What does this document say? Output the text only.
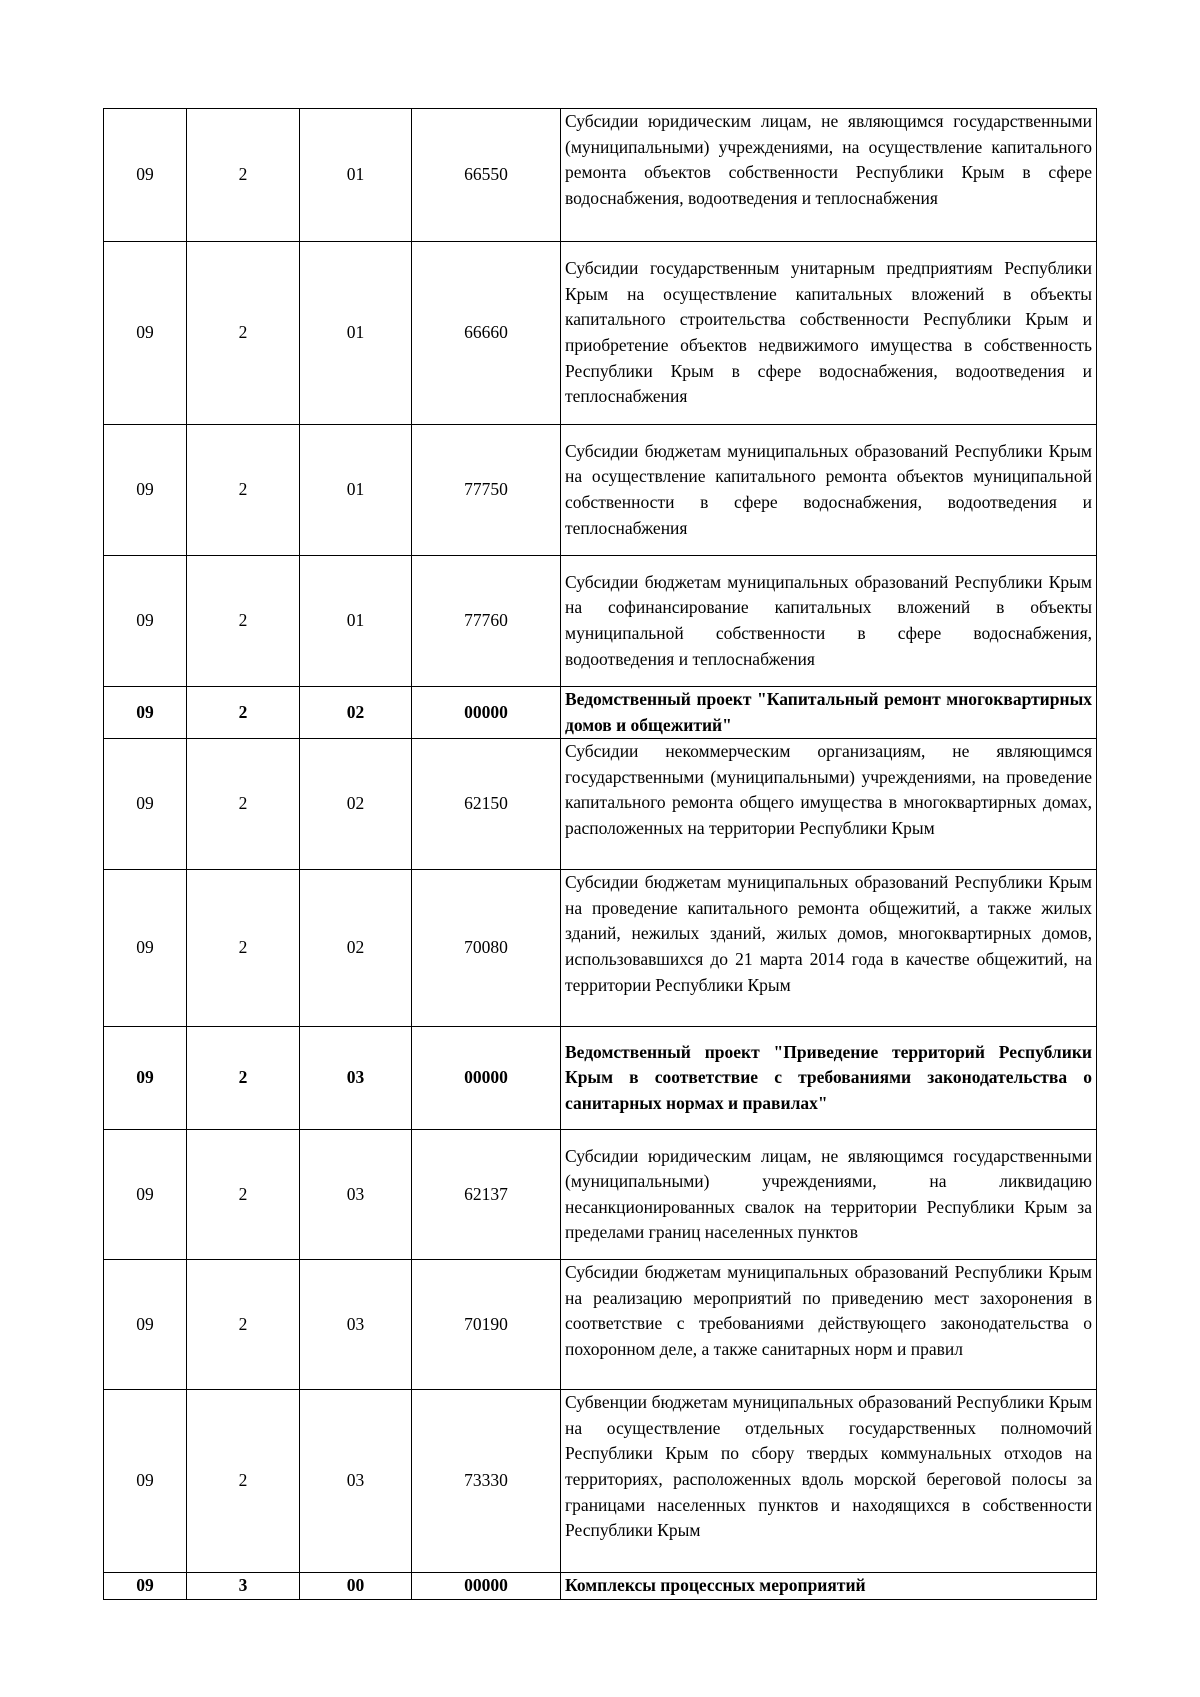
09	2	01	66550	Субсидии юридическим лицам, не являющимся государственными (муниципальными) учреждениями, на осуществление капитального ремонта объектов собственности Республики Крым в сфере водоснабжения, водоотведения и теплоснабжения
09	2	01	66660	Субсидии государственным унитарным предприятиям Республики Крым на осуществление капитальных вложений в объекты капитального строительства собственности Республики Крым и приобретение объектов недвижимого имущества в собственность Республики Крым в сфере водоснабжения, водоотведения и теплоснабжения
09	2	01	77750	Субсидии бюджетам муниципальных образований Республики Крым на осуществление капитального ремонта объектов муниципальной собственности в сфере водоснабжения, водоотведения и теплоснабжения
09	2	01	77760	Субсидии бюджетам муниципальных образований Республики Крым на софинансирование капитальных вложений в объекты муниципальной собственности в сфере водоснабжения, водоотведения и теплоснабжения
09	2	02	00000	Ведомственный проект "Капитальный ремонт многоквартирных домов и общежитий"
09	2	02	62150	Субсидии некоммерческим организациям, не являющимся государственными (муниципальными) учреждениями, на проведение капитального ремонта общего имущества в многоквартирных домах, расположенных на территории Республики Крым
09	2	02	70080	Субсидии бюджетам муниципальных образований Республики Крым на проведение капитального ремонта общежитий, а также жилых зданий, нежилых зданий, жилых домов, многоквартирных домов, использовавшихся до 21 марта 2014 года в качестве общежитий, на территории Республики Крым
09	2	03	00000	Ведомственный проект "Приведение территорий Республики Крым в соответствие с требованиями законодательства о санитарных нормах и правилах"
09	2	03	62137	Субсидии юридическим лицам, не являющимся государственными (муниципальными) учреждениями, на ликвидацию несанкционированных свалок на территории Республики Крым за пределами границ населенных пунктов
09	2	03	70190	Субсидии бюджетам муниципальных образований Республики Крым на реализацию мероприятий по приведению мест захоронения в соответствие с требованиями действующего законодательства о похоронном деле, а также санитарных норм и правил
09	2	03	73330	Субвенции бюджетам муниципальных образований Республики Крым на осуществление отдельных государственных полномочий Республики Крым по сбору твердых коммунальных отходов на территориях, расположенных вдоль морской береговой полосы за границами населенных пунктов и находящихся в собственности Республики Крым
09	3	00	00000	Комплексы процессных мероприятий
